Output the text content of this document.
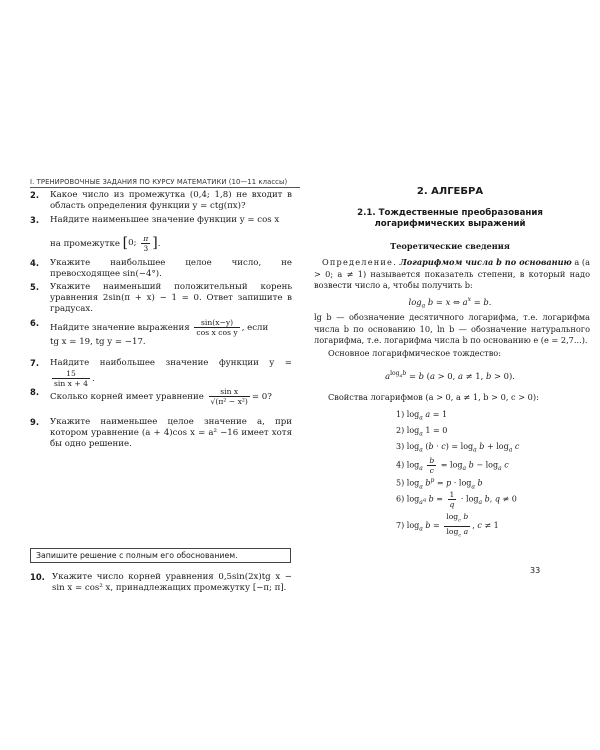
I. ТРЕНИРОВОЧНЫЕ ЗАДАНИЯ ПО КУРСУ МАТЕМАТИКИ (10—11 классы)
2. Какое число из промежутка (0,4; 1,8) не входит в область определения функции y = ctg(πx)?
3. Найдите наименьшее значение функции y = cos x
на промежутке [0; $\frac{\pi}{3}$ ].
4. Укажите наибольшее целое число, не превосходящее sin(−4°).
5. Укажите наименьший положительный корень уравнения 2sin(π + x) − 1 = 0. Ответ запишите в градусах.
6. Найдите значение выражения $\frac{\sin(x-y)}{\text{cos x cos y}}$ , если
tg x = 19, tg y = −17.
7. Найдите наибольшее значение функции y =
$\frac{15}{\text{sin x + 4}}$ .
8. Сколько корней имеет уравнение $\frac{\text{sin x}}{\text{√(π² − x²)}} = 0$?
9. Укажите наименьшее целое значение a, при котором уравнение (a + 4)cos x = a² −16 имеет хотя бы одно решение.
Запишите решение с полным его обоснованием.
10. Укажите число корней уравнения 0,5sin(2x)tg x − sin x = cos² x, принадлежащих промежутку [−π; π].
2. АЛГЕБРА
2.1. Тождественные преобразования
логарифмических выражений
Теоретические сведения
Определение. Логарифмом числа b по основанию a (a > 0; a ≠ 1) называется показатель степени, в который надо возвести число a, чтобы получить b:
$\log_a b = x$ ⇔ $a^x = b$.
lg b — обозначение десятичного логарифма, т.е. логарифма числа b по основанию 10, ln b — обозначение натурального логарифма, т.е. логарифма числа b по основанию e (e = 2,7...).
Основное логарифмическое тождество:
$a^{log_ab} = b$ (a > 0, a ≠ 1, b > 0).
Свойства логарифмов (a > 0, a ≠ 1, b > 0, c > 0):
1) $\log_a a = 1$
2) $\log_a 1 = 0$
3) $\log_a (b \cdot c) = \log_a b + \log_a c$
4) $\log_a \frac{b}{c} = \log_a b - \log_a c$
5) $\log_a b^p = p \cdot \log_a b$
6) $\log_{a^q} b = \frac{1}{q} \cdot \log_a b$, q ≠ 0
7) $\log_a b = \frac{\log_c b}{\log_c a}$ , c ≠ 1
33
